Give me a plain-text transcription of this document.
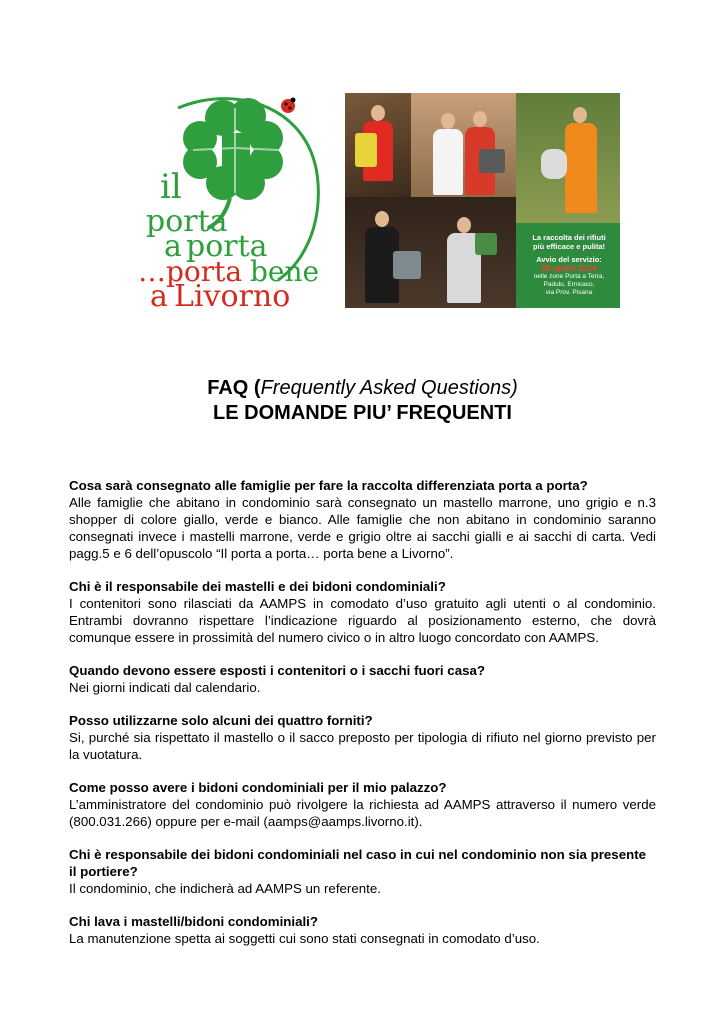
il
porta
a porta
…porta bene
a Livorno
La raccolta dei rifiuti
più efficace e pulita!
Avvio del servizio:
28 aprile 2014
nelle zone Porta a Terra,
Padulo, Ernicaco,
via Prov. Pisana
FAQ (Frequently Asked Questions)
LE DOMANDE PIU’ FREQUENTI
Cosa sarà consegnato alle famiglie per fare la raccolta differenziata porta a porta?
Alle famiglie che abitano in condominio sarà consegnato un mastello marrone, uno grigio e n.3 shopper di colore giallo, verde e bianco. Alle famiglie che non abitano in condominio saranno consegnati invece i mastelli marrone, verde e grigio oltre ai sacchi gialli e ai sacchi di carta. Vedi pagg.5 e 6 dell’opuscolo “Il porta a porta… porta bene a Livorno”.
Chi è il responsabile dei mastelli e dei bidoni condominiali?
I contenitori sono rilasciati da AAMPS in comodato d’uso gratuito agli utenti o al condominio. Entrambi dovranno rispettare l’indicazione riguardo al posizionamento esterno, che dovrà comunque essere in prossimità del numero civico o in altro luogo concordato con AAMPS.
Quando devono essere esposti i contenitori o i sacchi fuori casa?
Nei giorni indicati dal calendario.
Posso utilizzarne solo alcuni dei quattro forniti?
Si, purché sia rispettato il mastello o il sacco preposto per tipologia di rifiuto nel giorno previsto per la vuotatura.
Come posso avere i bidoni condominiali per il mio palazzo?
L’amministratore del condominio può rivolgere la richiesta ad AAMPS attraverso il numero verde (800.031.266) oppure per e-mail (aamps@aamps.livorno.it).
Chi è responsabile dei bidoni condominiali nel caso in cui nel condominio non sia presente il portiere?
Il condominio, che indicherà ad AAMPS un referente.
Chi lava i mastelli/bidoni condominiali?
La manutenzione spetta ai soggetti cui sono stati consegnati in comodato d’uso.
